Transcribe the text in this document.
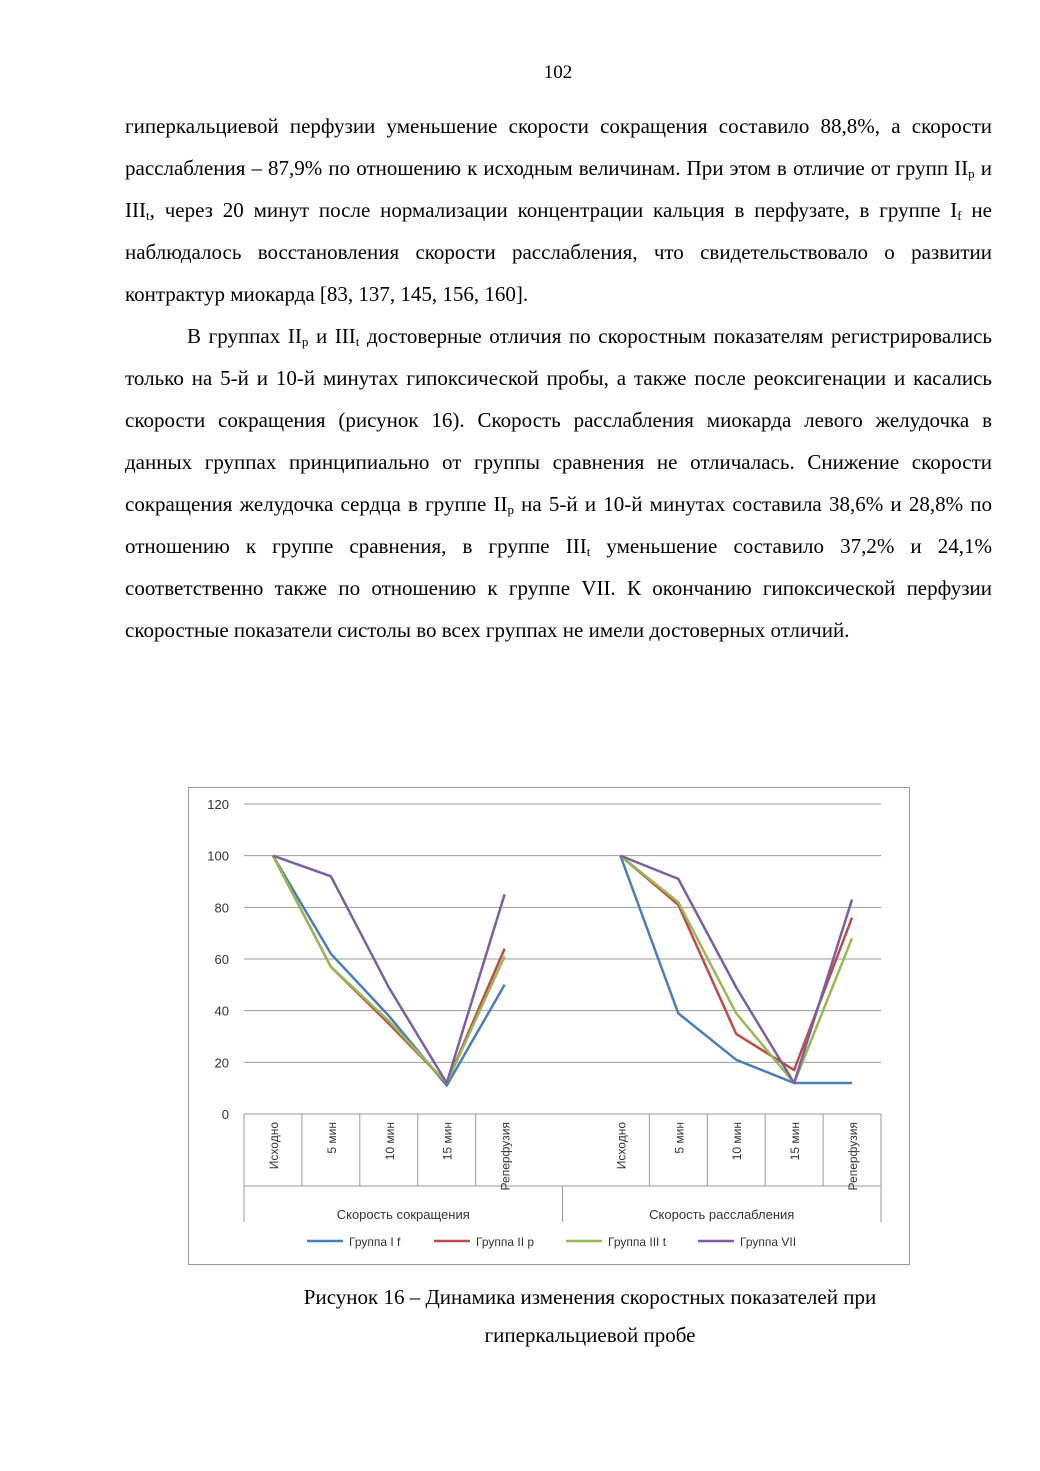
102

гиперкальциевой перфузии уменьшение скорости сокращения составило 88,8%, а скорости расслабления – 87,9% по отношению к исходным величинам. При этом в отличие от групп $II_p$ и $III_t$, через 20 минут после нормализации концентрации кальция в перфузате, в группе $I_f$ не наблюдалось восстановления скорости расслабления, что свидетельствовало о развитии контрактур миокарда [83, 137, 145, 156, 160].

В группах $II_p$ и $III_t$ достоверные отличия по скоростным показателям регистрировались только на 5-й и 10-й минутах гипоксической пробы, а также после реоксигенации и касались скорости сокращения (рисунок 16). Скорость расслабления миокарда левого желудочка в данных группах принципиально от группы сравнения не отличалась. Снижение скорости сокращения желудочка сердца в группе $II_p$ на 5-й и 10-й минутах составила 38,6% и 28,8% по отношению к группе сравнения, в группе $III_t$ уменьшение составило 37,2% и 24,1% соответственно также по отношению к группе VII. К окончанию гипоксической перфузии скоростные показатели систолы во всех группах не имели достоверных отличий.

0
20
40
60
80
100
120
Исходно	5 мин	10 мин	15 мин	Реперфузия	Исходно	5 мин	10 мин	15 мин	Реперфузия
Скорость сокращения	Скорость расслабления
Группа I f	Группа II p	Группа III t	Группа VII
Рисунок 16 – Динамика изменения скоростных показателей при
гиперкальциевой пробе
